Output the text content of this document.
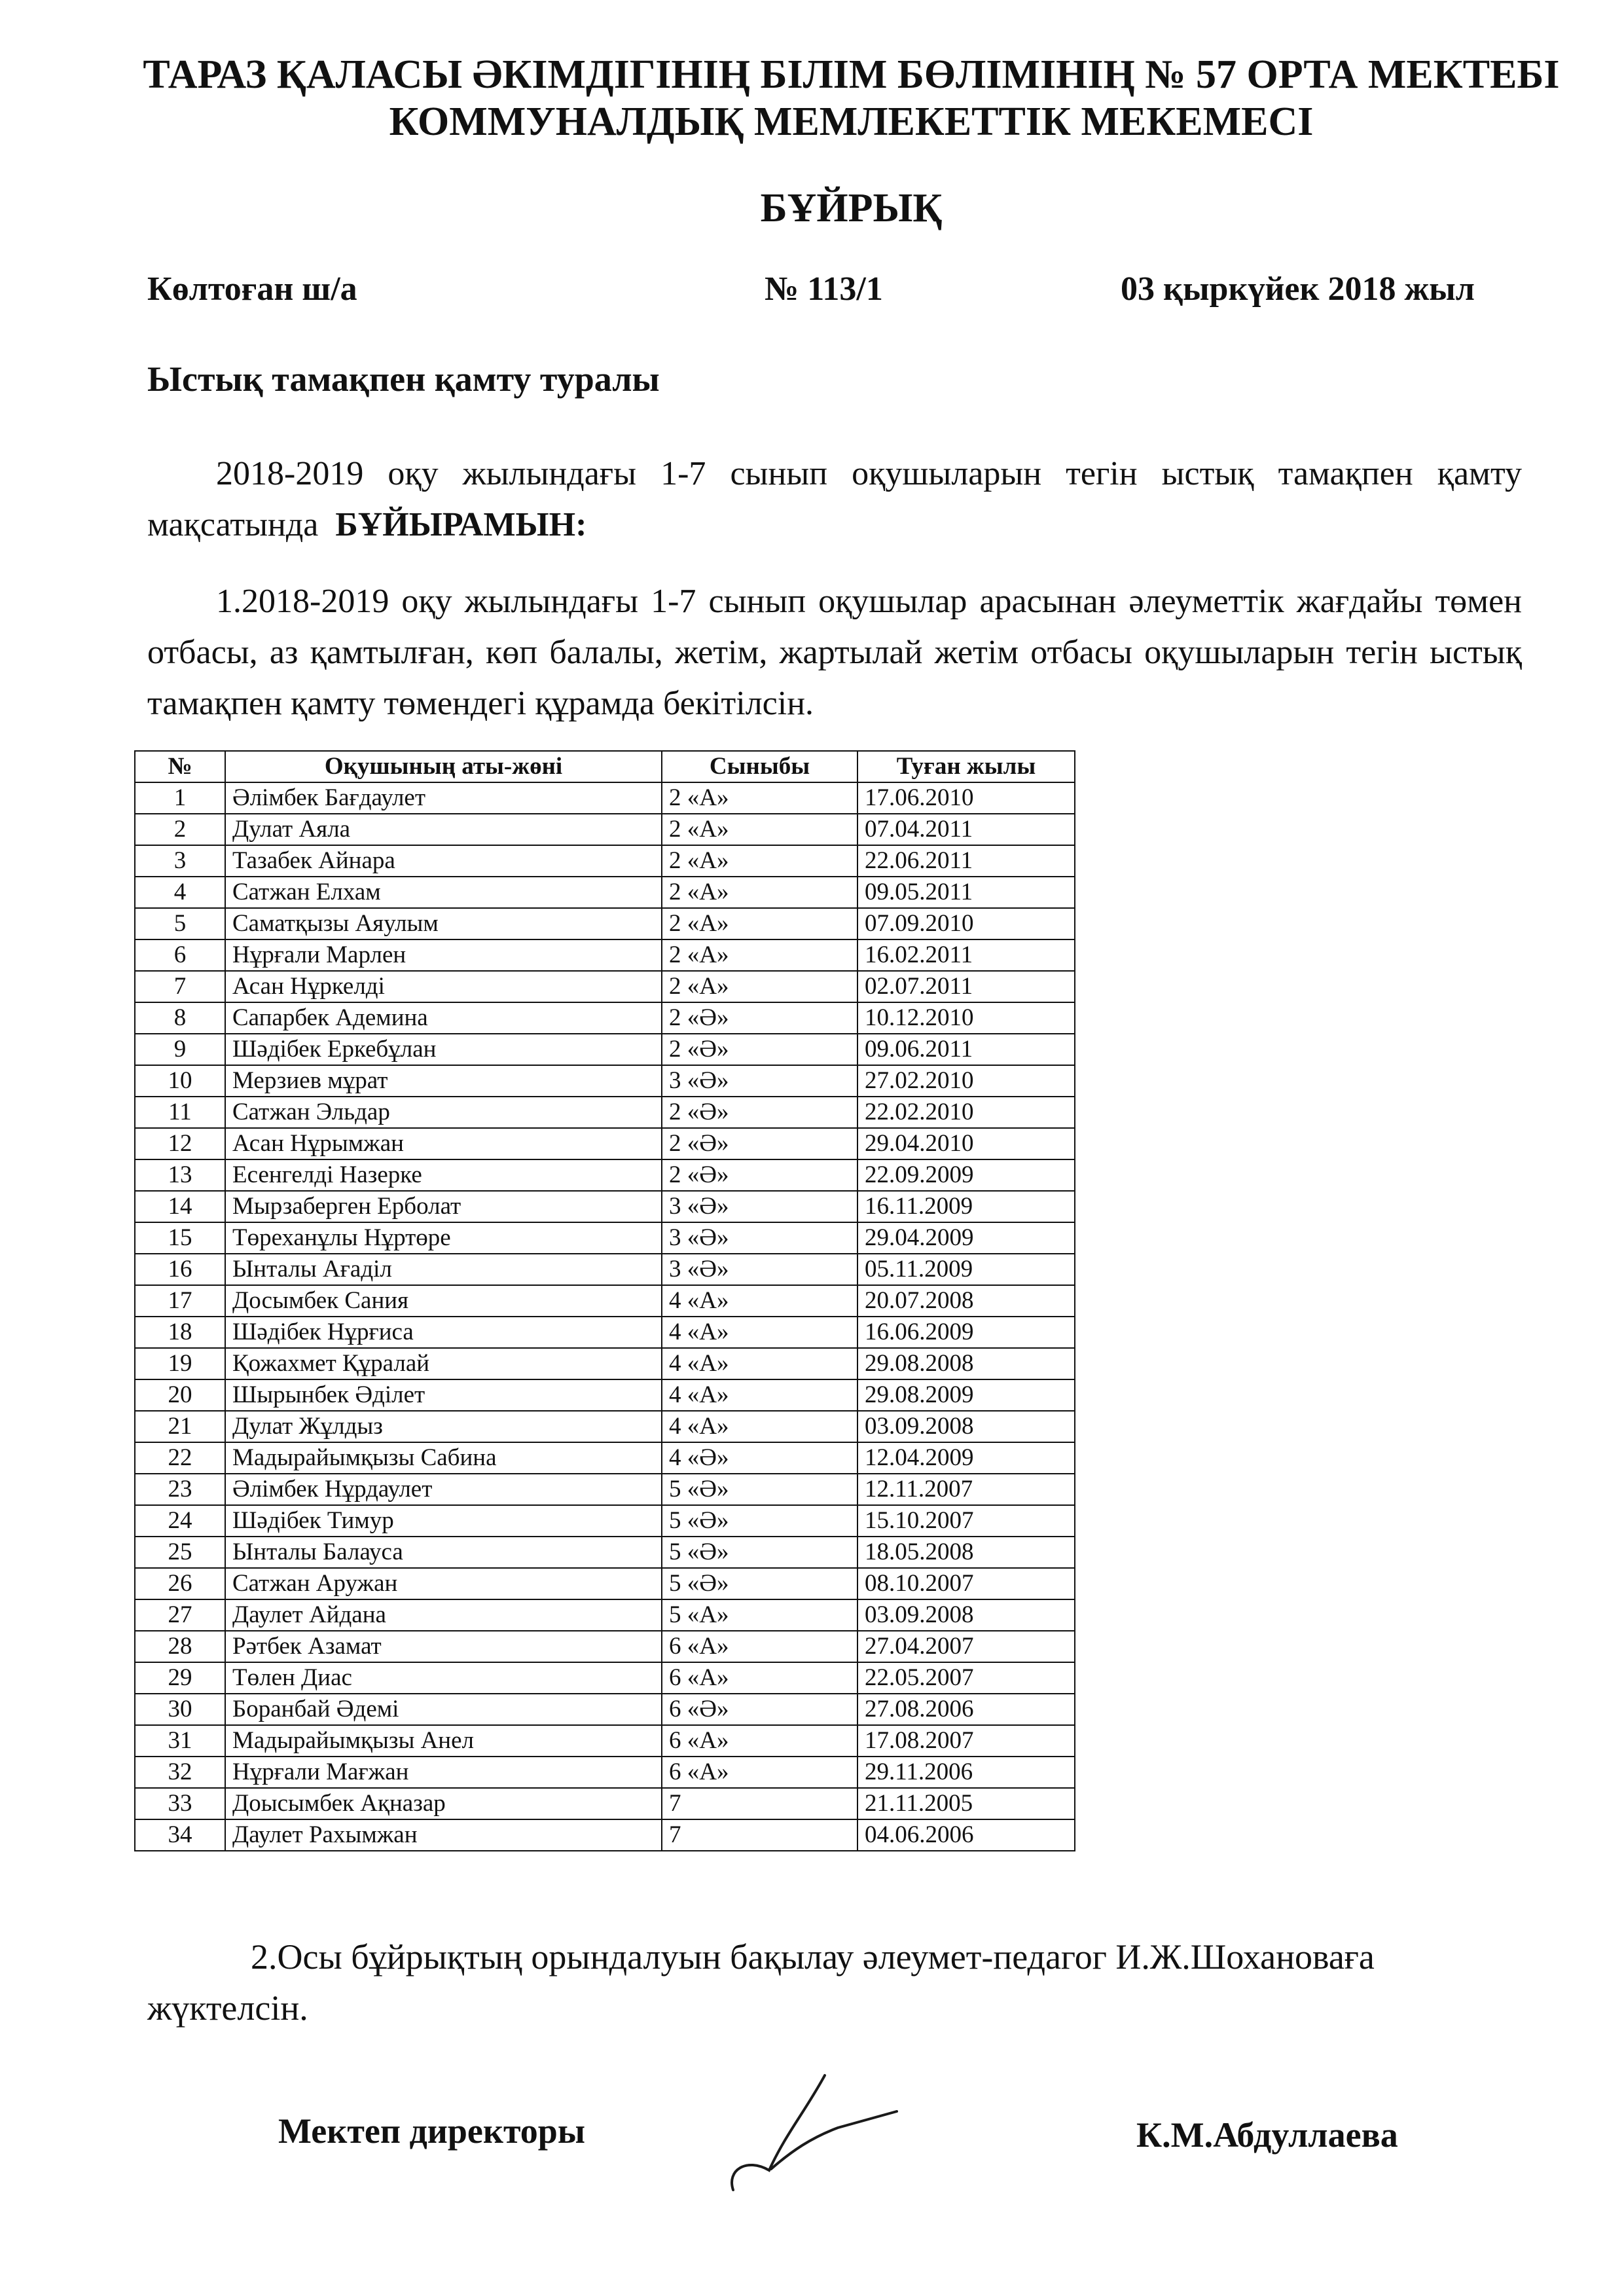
ТАРАЗ ҚАЛАСЫ ӘКІМДІГІНІҢ БІЛІМ БӨЛІМІНІҢ № 57 ОРТА МЕКТЕБІ
КОММУНАЛДЫҚ МЕМЛЕКЕТТІК МЕКЕМЕСІ
БҰЙРЫҚ
Көлтоған ш/а	№ 113/1	03 қыркүйек 2018 жыл
Ыстық тамақпен қамту туралы
2018-2019 оқу жылындағы 1-7 сынып оқушыларын тегін ыстық тамақпен қамту мақсатында БҰЙЫРАМЫН:
1.2018-2019 оқу жылындағы 1-7 сынып оқушылар арасынан әлеуметтік жағдайы төмен отбасы, аз қамтылған, көп балалы, жетім, жартылай жетім отбасы оқушыларын тегін ыстық тамақпен қамту төмендегі құрамда бекітілсін.
№	Оқушының аты-жөні	Сыныбы	Туған жылы
1	Әлімбек Бағдаулет	2 «А»	17.06.2010
2	Дулат Аяла	2 «А»	07.04.2011
3	Тазабек Айнара	2 «А»	22.06.2011
4	Сатжан Елхам	2 «А»	09.05.2011
5	Саматқызы Аяулым	2 «А»	07.09.2010
6	Нұрғали Марлен	2 «А»	16.02.2011
7	Асан Нұркелді	2 «А»	02.07.2011
8	Сапарбек Адемина	2 «Ә»	10.12.2010
9	Шәдібек Еркебұлан	2 «Ә»	09.06.2011
10	Мерзиев мұрат	3 «Ә»	27.02.2010
11	Сатжан Эльдар	2 «Ә»	22.02.2010
12	Асан Нұрымжан	2 «Ә»	29.04.2010
13	Есенгелді Назерке	2 «Ә»	22.09.2009
14	Мырзаберген Ерболат	3 «Ә»	16.11.2009
15	Төреханұлы Нұртөре	3 «Ә»	29.04.2009
16	Ынталы Ағаділ	3 «Ә»	05.11.2009
17	Досымбек Сания	4 «А»	20.07.2008
18	Шәдібек Нұрғиса	4 «А»	16.06.2009
19	Қожахмет Құралай	4 «А»	29.08.2008
20	Шырынбек Әділет	4 «А»	29.08.2009
21	Дулат Жұлдыз	4 «А»	03.09.2008
22	Мадырайымқызы Сабина	4 «Ә»	12.04.2009
23	Әлімбек Нұрдаулет	5 «Ә»	12.11.2007
24	Шәдібек Тимур	5 «Ә»	15.10.2007
25	Ынталы Балауса	5 «Ә»	18.05.2008
26	Сатжан Аружан	5 «Ә»	08.10.2007
27	Даулет Айдана	5 «А»	03.09.2008
28	Рәтбек Азамат	6 «А»	27.04.2007
29	Төлен Диас	6 «А»	22.05.2007
30	Боранбай Әдемі	6 «Ә»	27.08.2006
31	Мадырайымқызы Анел	6 «А»	17.08.2007
32	Нұрғали Мағжан	6 «А»	29.11.2006
33	Доысымбек Ақназар	7	21.11.2005
34	Даулет Рахымжан	7	04.06.2006
2.Осы бұйрықтың орындалуын бақылау әлеумет-педагог И.Ж.Шохановаға жүктелсін.
Мектеп директоры	К.М.Абдуллаева
